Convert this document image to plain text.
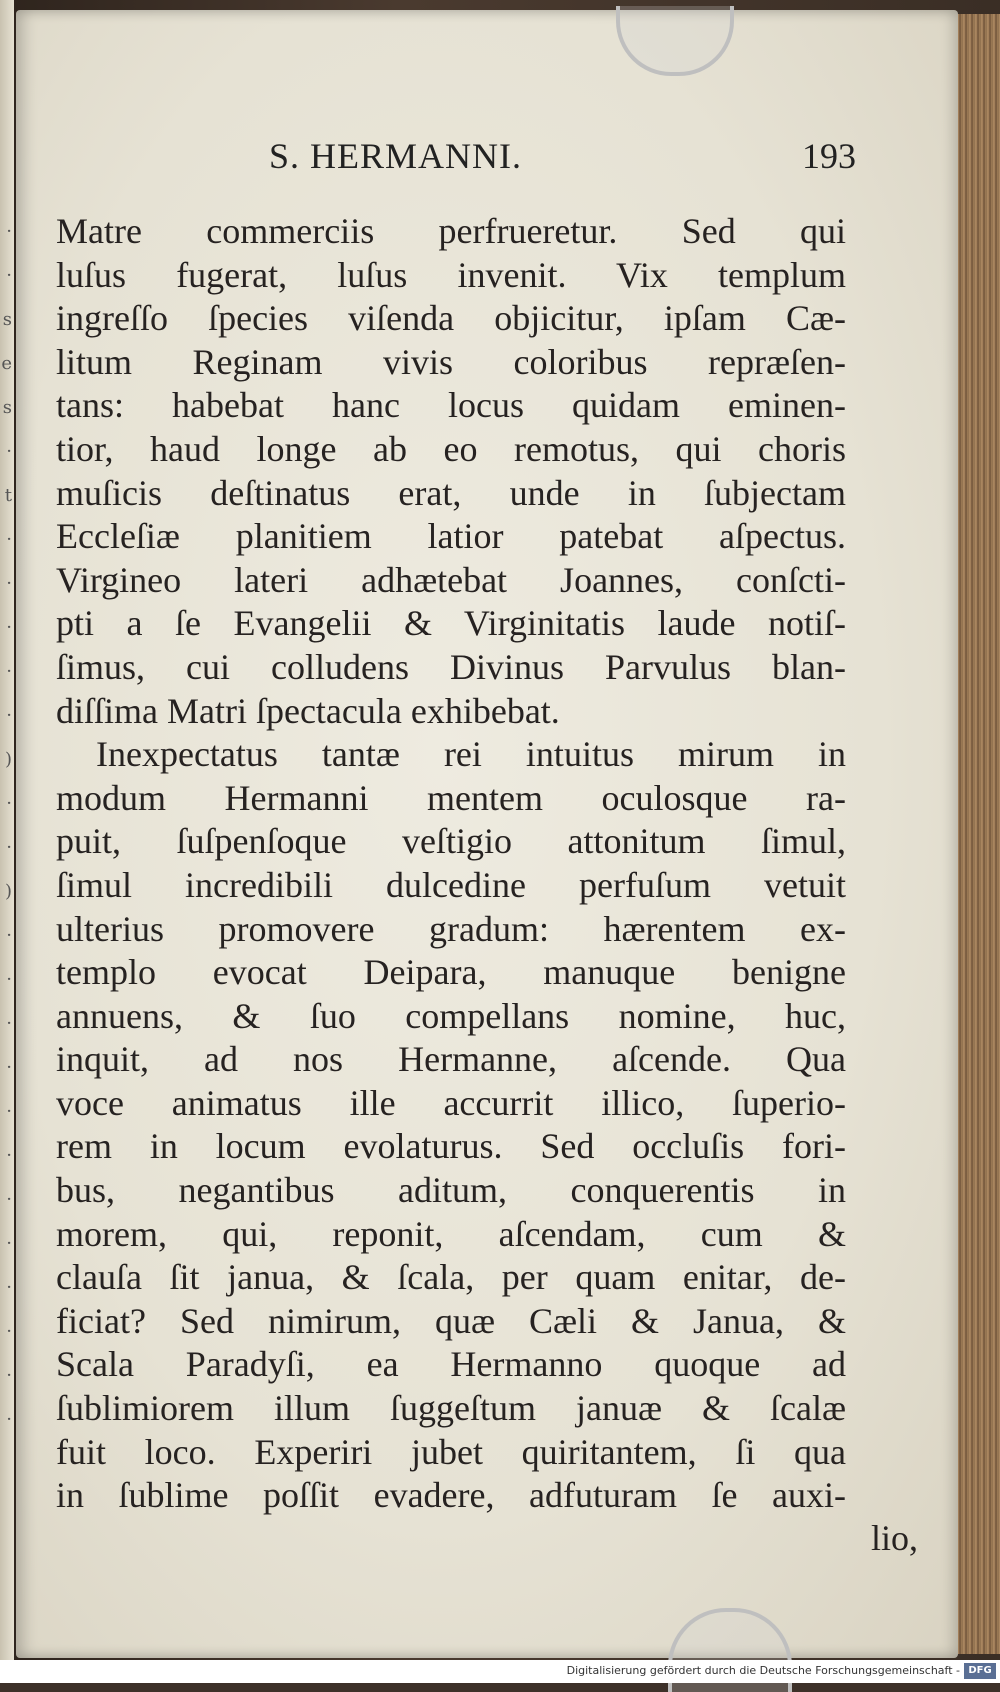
·
·
s
e
s
·
t
·
·
·
·
·
)
·
·
)
·
·
·
·
·
·
·
·
·
·
·
·
S. HERMANNI.	193
Matre commerciis perfrueretur. Sed qui
luſus fugerat, luſus invenit. Vix templum
ingreſſo ſpecies viſenda objicitur, ipſam Cæ-
litum Reginam vivis coloribus repræſen-
tans: habebat hanc locus quidam eminen-
tior, haud longe ab eo remotus, qui choris
muſicis deſtinatus erat, unde in ſubjectam
Eccleſiæ planitiem latior patebat aſpectus.
Virgineo lateri adhætebat Joannes, conſcti-
pti a ſe Evangelii & Virginitatis laude notiſ-
ſimus, cui colludens Divinus Parvulus blan-
diſſima Matri ſpectacula exhibebat.
Inexpectatus tantæ rei intuitus mirum in
modum Hermanni mentem oculosque ra-
puit, ſuſpenſoque veſtigio attonitum ſimul,
ſimul incredibili dulcedine perfuſum vetuit
ulterius promovere gradum: hærentem ex-
templo evocat Deipara, manuque benigne
annuens, & ſuo compellans nomine, huc,
inquit, ad nos Hermanne, aſcende. Qua
voce animatus ille accurrit illico, ſuperio-
rem in locum evolaturus. Sed occluſis fori-
bus, negantibus aditum, conquerentis in
morem, qui, reponit, aſcendam, cum &
clauſa ſit janua, & ſcala, per quam enitar, de-
ficiat? Sed nimirum, quæ Cæli & Janua, &
Scala Paradyſi, ea Hermanno quoque ad
ſublimiorem illum ſuggeſtum januæ & ſcalæ
fuit loco. Experiri jubet quiritantem, ſi qua
in ſublime poſſit evadere, adfuturam ſe auxi-
lio,
Digitalisierung gefördert durch die Deutsche Forschungsgemeinschaft - DFG
